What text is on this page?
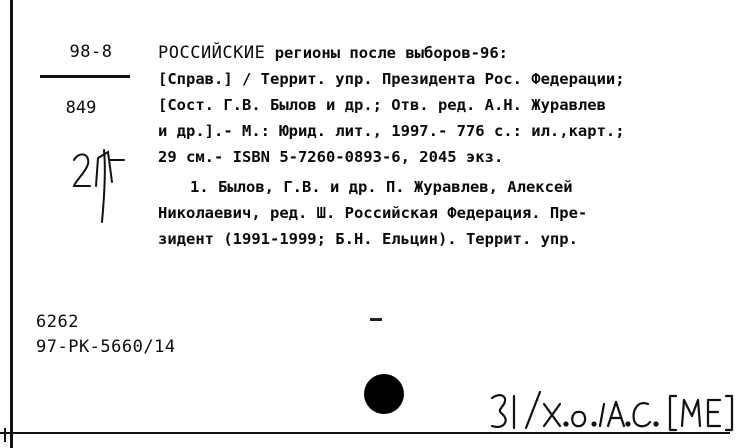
98-8
849
РОССИЙСКИЕ регионы после выборов-96:
[Справ.] / Террит. упр. Президента Рос. Федерации;
[Сост. Г.В. Былов и др.; Отв. ред. А.Н. Журавлев
и др.].- М.: Юрид. лит., 1997.- 776 с.: ил.,карт.;
29 см.- ISBN 5-7260-0893-6, 2045 экз.
1. Былов, Г.В. и др. П. Журавлев, Алексей
Николаевич, ред. Ш. Российская Федерация. Пре-
зидент (1991-1999; Б.Н. Ельцин). Террит. упр.
6262
97-РК-5660/14
